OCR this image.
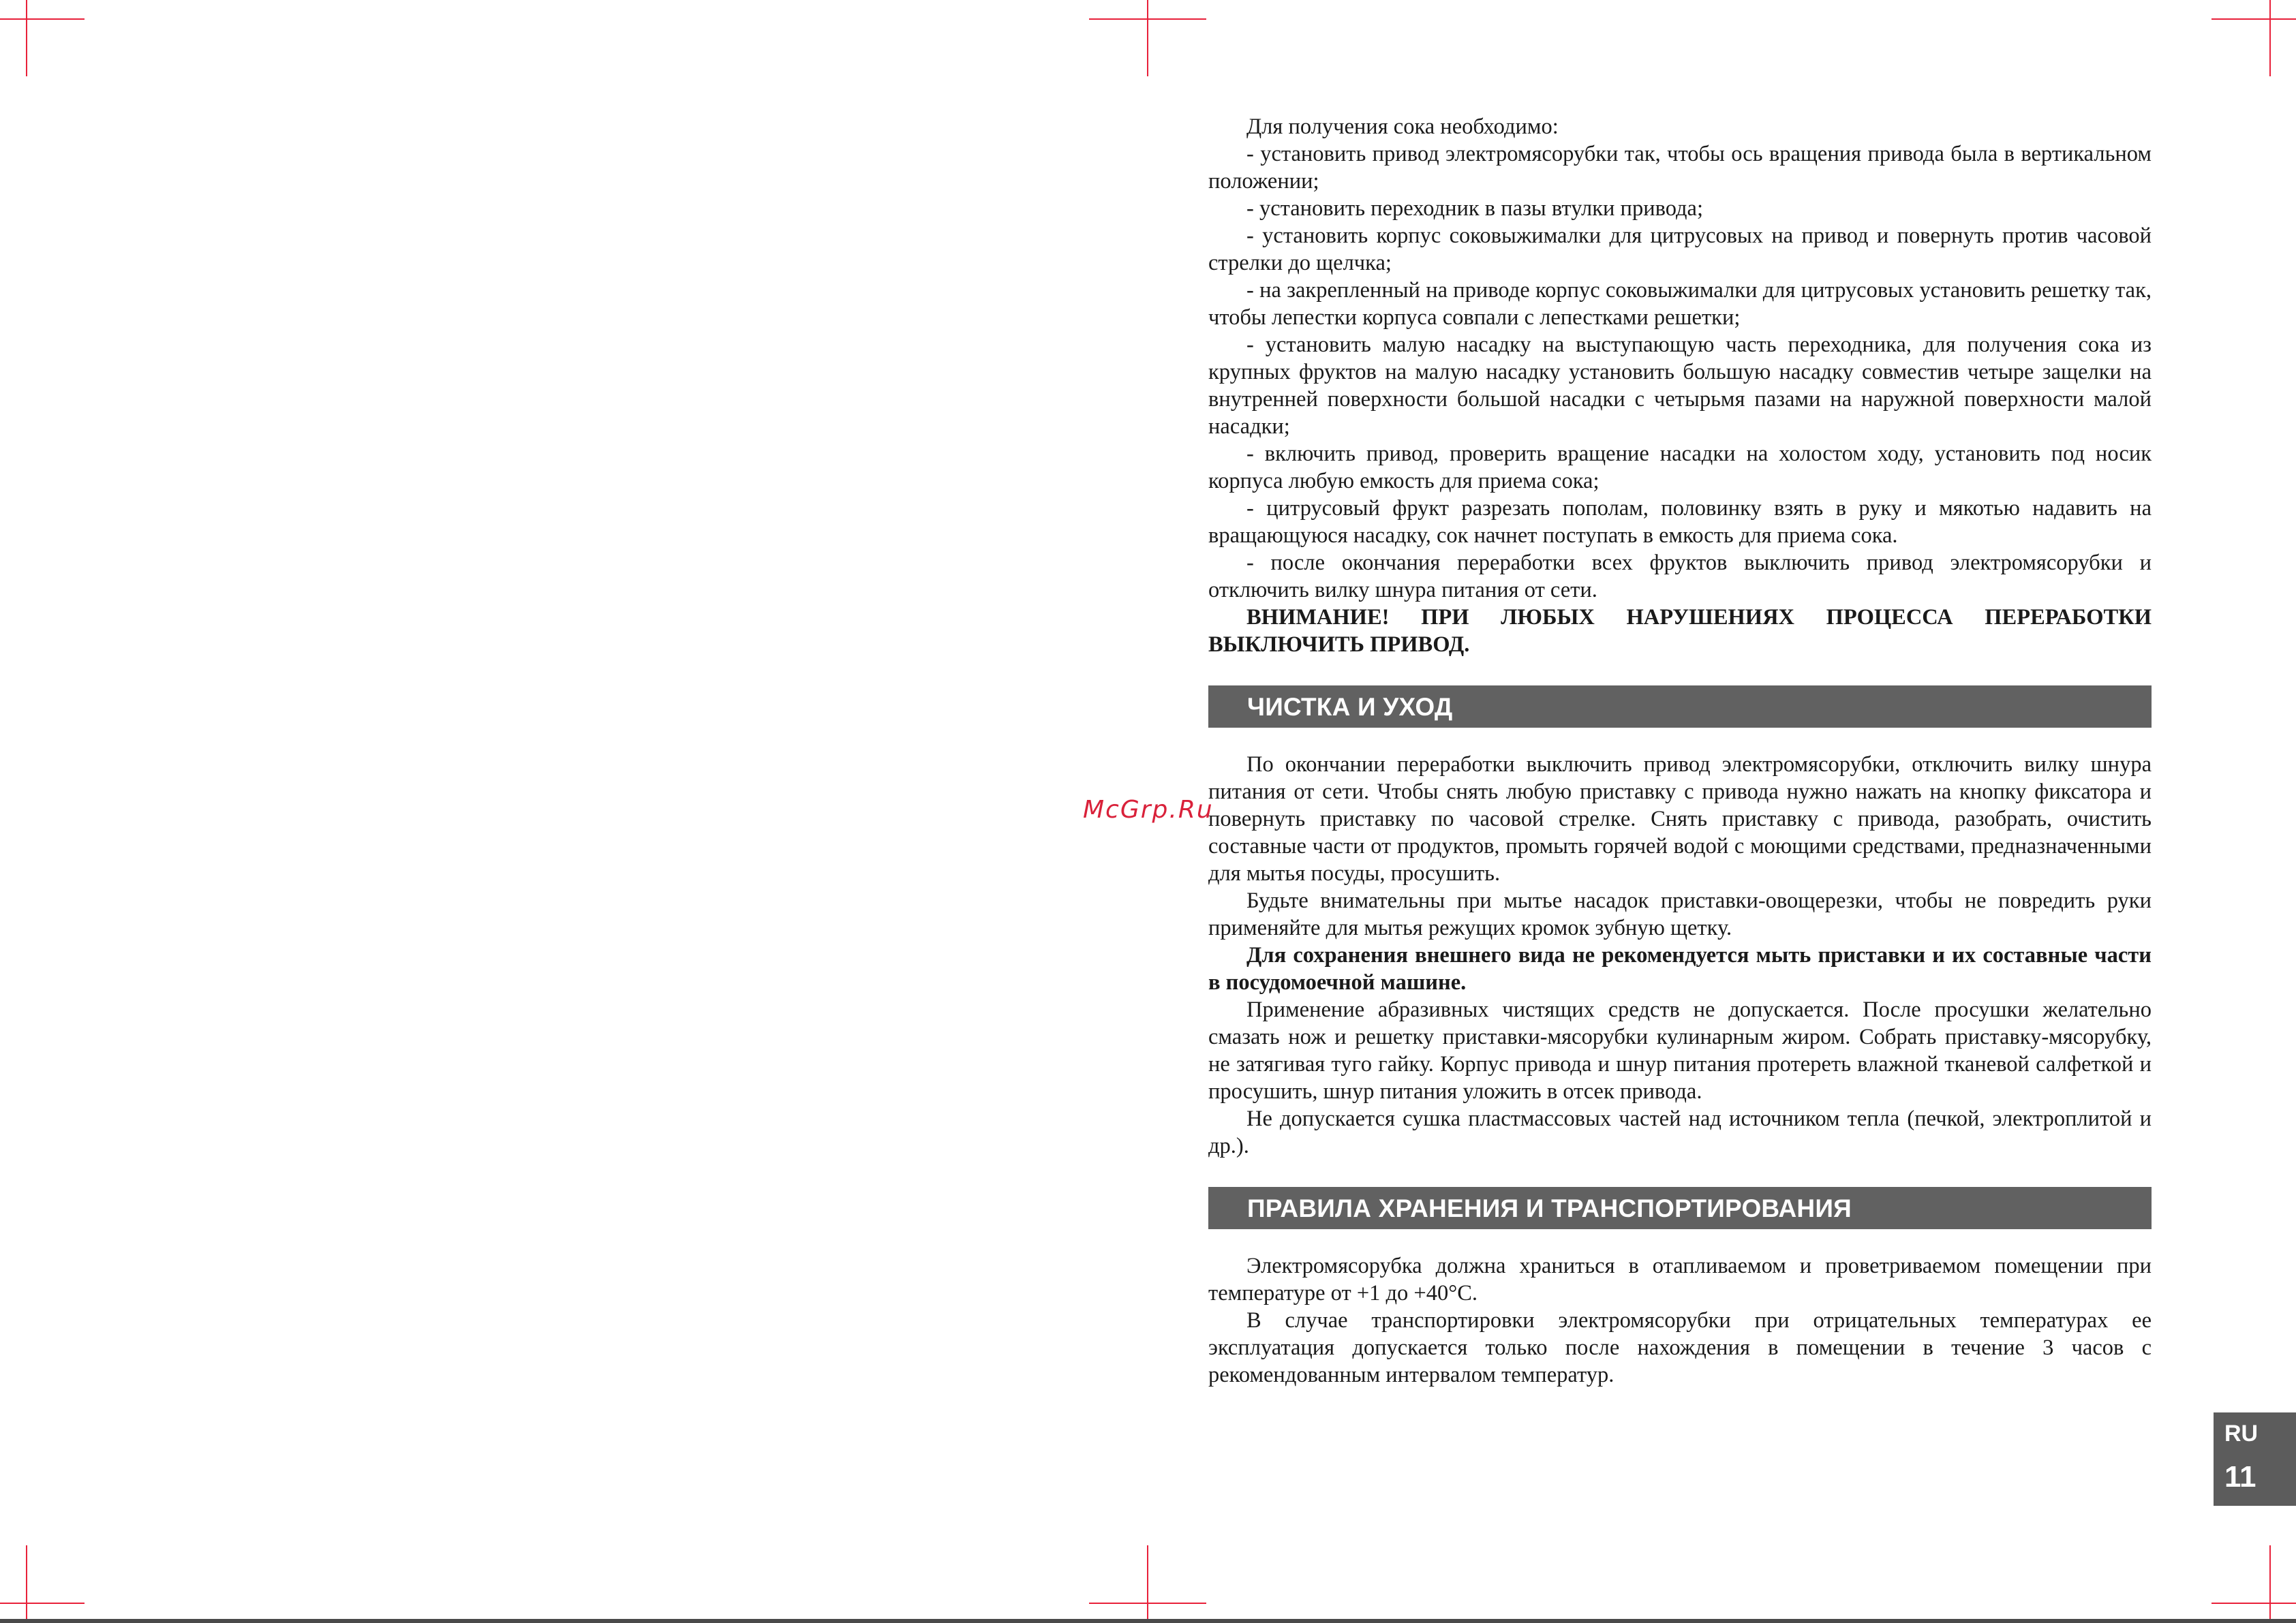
McGrp.Ru

Для получения сока необходимо:

- установить привод электромясорубки так, чтобы ось вращения привода была в вертикальном положении;

- установить переходник в пазы втулки привода;

- установить корпус соковыжималки для цитрусовых на привод и повернуть против часовой стрелки до щелчка;

- на закрепленный на приводе корпус соковыжималки для цитрусовых установить решетку так, чтобы лепестки корпуса совпали с лепестками решетки;

- установить малую насадку на выступающую часть переходника, для получения сока из крупных фруктов на малую насадку установить большую насадку совместив четыре защелки на внутренней поверхности большой насадки с четырьмя пазами на наружной поверхности малой насадки;

- включить привод, проверить вращение насадки на холостом ходу, установить под носик корпуса любую емкость для приема сока;

- цитрусовый фрукт разрезать пополам, половинку взять в руку и мякотью надавить на вращающуюся насадку, сок начнет поступать в емкость для приема сока.

- после окончания переработки всех фруктов выключить привод электромясорубки и отключить вилку шнура питания от сети.

ВНИМАНИЕ! ПРИ ЛЮБЫХ НАРУШЕНИЯХ ПРОЦЕССА ПЕРЕРАБОТКИ ВЫКЛЮЧИТЬ ПРИВОД.

ЧИСТКА И УХОД

По окончании переработки выключить привод электромясорубки, отключить вилку шнура питания от сети. Чтобы снять любую приставку с привода нужно нажать на кнопку фиксатора и повернуть приставку по часовой стрелке. Снять приставку с привода, разобрать, очистить составные части от продуктов, промыть горячей водой с моющими средствами, предназначенными для мытья посуды, просушить.

Будьте внимательны при мытье насадок приставки-овощерезки, чтобы не повредить руки применяйте для мытья режущих кромок зубную щетку.

Для сохранения внешнего вида не рекомендуется мыть приставки и их составные части в посудомоечной машине.

Применение абразивных чистящих средств не допускается. После просушки желательно смазать нож и решетку приставки-мясорубки кулинарным жиром. Собрать приставку-мясорубку, не затягивая тугo гайку. Корпус привода и шнур питания протереть влажной тканевой салфеткой и просушить, шнур питания уложить в отсек привода.

Не допускается сушка пластмассовых частей над источником тепла (печкой, электроплитой и др.).

ПРАВИЛА ХРАНЕНИЯ И ТРАНСПОРТИРОВАНИЯ

Электромясорубка должна храниться в отапливаемом и проветриваемом помещении при температуре от +1 до +40°С.

В случае транспортировки электромясорубки при отрицательных температурах ее эксплуатация допускается только после нахождения в помещении в течение 3 часов с рекомендованным интервалом температур.

RU
11
